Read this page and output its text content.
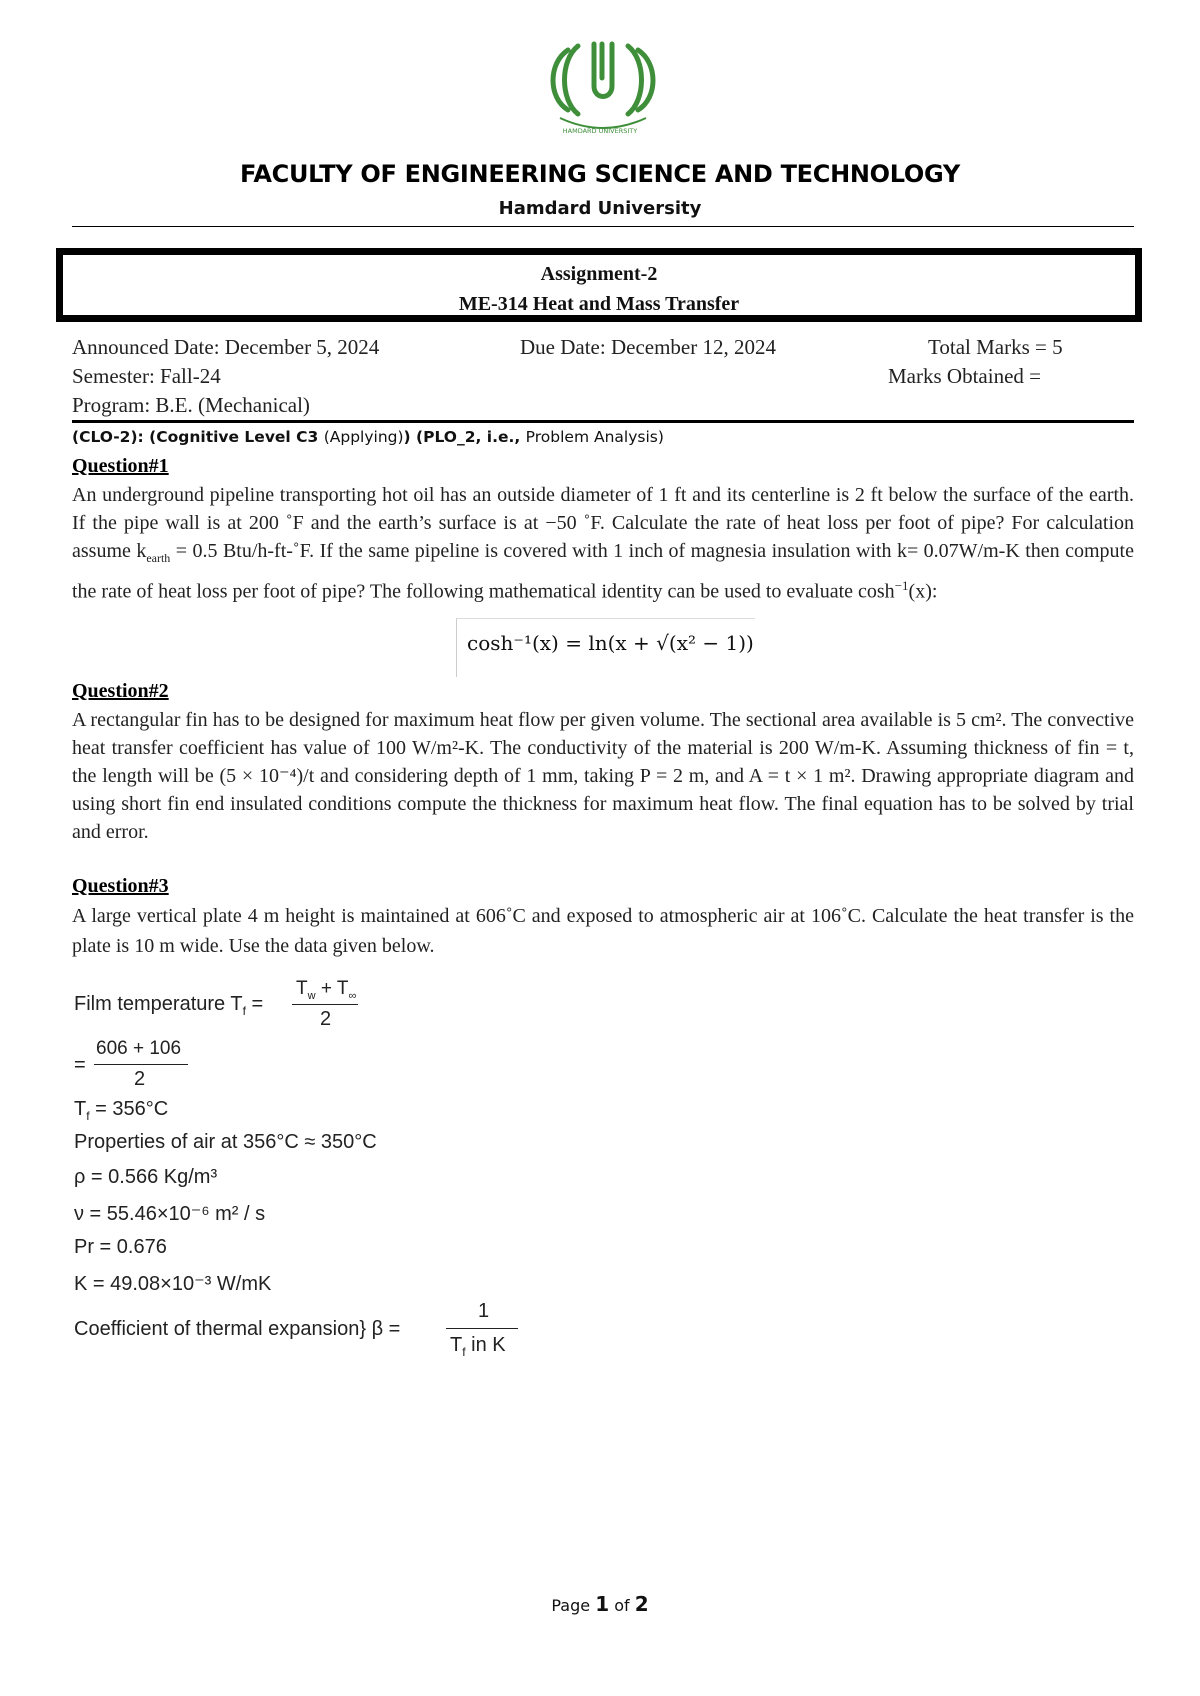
HAMDARD UNIVERSITY
FACULTY OF ENGINEERING SCIENCE AND TECHNOLOGY
Hamdard University
Assignment-2
ME-314 Heat and Mass Transfer
Announced Date: December 5, 2024	Due Date: December 12, 2024	Total Marks = 5
Semester: Fall-24	Marks Obtained =
Program: B.E. (Mechanical)
(CLO-2): (Cognitive Level C3 (Applying)) (PLO_2, i.e., Problem Analysis)
Question#1
An underground pipeline transporting hot oil has an outside diameter of 1 ft and its centerline is 2 ft below the surface of the earth. If the pipe wall is at 200 ˚F and the earth’s surface is at −50 ˚F. Calculate the rate of heat loss per foot of pipe? For calculation assume $k_{earth} = 0.5$ Btu/h-ft-˚F. If the same pipeline is covered with 1 inch of magnesia insulation with k= 0.07W/m-K then compute the rate of heat loss per foot of pipe? The following mathematical identity can be used to evaluate $\cosh^{-1}(x)$:
cosh⁻¹(x) = ln(x + √(x² − 1))
Question#2
A rectangular fin has to be designed for maximum heat flow per given volume. The sectional area available is 5 cm². The convective heat transfer coefficient has value of 100 W/m²-K. The conductivity of the material is 200 W/m-K. Assuming thickness of fin = t, the length will be (5 × 10⁻⁴)/t and considering depth of 1 mm, taking P = 2 m, and A = t × 1 m². Drawing appropriate diagram and using short fin end insulated conditions compute the thickness for maximum heat flow. The final equation has to be solved by trial and error.
Question#3
A large vertical plate 4 m height is maintained at 606˚C and exposed to atmospheric air at 106˚C. Calculate the heat transfer is the plate is 10 m wide. Use the data given below.
Film temperature $T_f$ =
$T_w + T_\infty$
2
=
606 + 106
2
$T_f = 356^\circ C$
Properties of air at 356°C ≈ 350°C
ρ = 0.566 Kg/m³
ν = 55.46×10⁻⁶ m² / s
Pr = 0.676
K = 49.08×10⁻³ W/mK
Coefficient of thermal expansion} β =
1
$T_f$ in K
Page 1 of 2
